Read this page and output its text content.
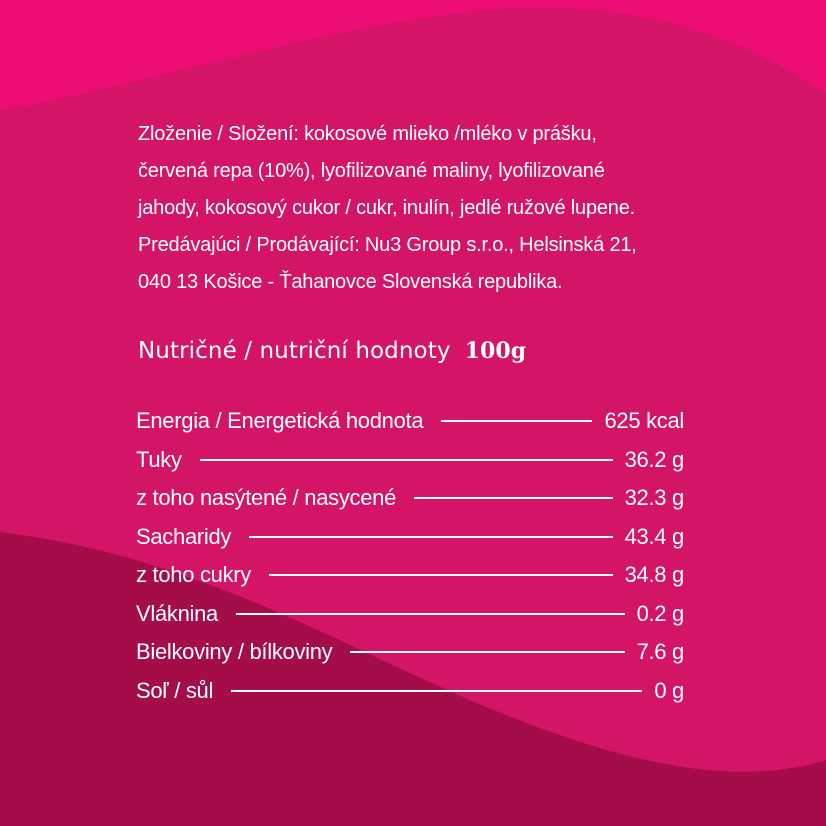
Zloženie / Složení: kokosové mlieko /mléko v prášku,

červená repa (10%), lyofilizované maliny, lyofilizované

jahody, kokosový cukor / cukr, inulín, jedlé ružové lupene.

Predávajúci / Prodávající: Nu3 Group s.r.o., Helsinská 21,

040 13 Košice - Ťahanovce Slovenská republika.

Nutričné / nutriční hodnoty 100g
Energia / Energetická hodnota	625 kcal
Tuky	36.2 g
z toho nasýtené / nasycené	32.3 g
Sacharidy	43.4 g
z toho cukry	34.8 g
Vláknina	0.2 g
Bielkoviny / bílkoviny	7.6 g
Soľ / sůl	0 g
